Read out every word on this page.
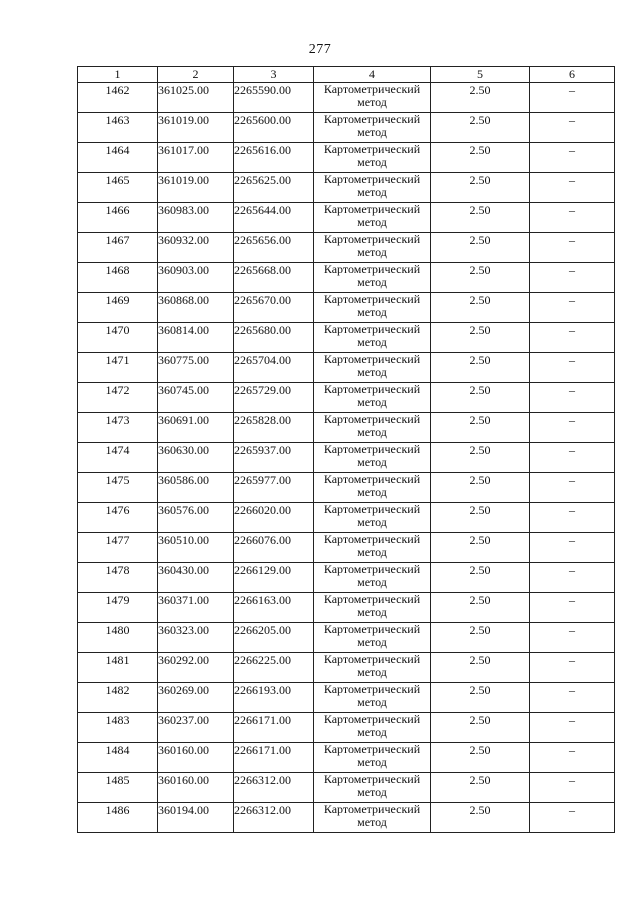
277
1	2	3	4	5	6
1462	361025.00	2265590.00	Картометрический
метод	2.50	–
1463	361019.00	2265600.00	Картометрический
метод	2.50	–
1464	361017.00	2265616.00	Картометрический
метод	2.50	–
1465	361019.00	2265625.00	Картометрический
метод	2.50	–
1466	360983.00	2265644.00	Картометрический
метод	2.50	–
1467	360932.00	2265656.00	Картометрический
метод	2.50	–
1468	360903.00	2265668.00	Картометрический
метод	2.50	–
1469	360868.00	2265670.00	Картометрический
метод	2.50	–
1470	360814.00	2265680.00	Картометрический
метод	2.50	–
1471	360775.00	2265704.00	Картометрический
метод	2.50	–
1472	360745.00	2265729.00	Картометрический
метод	2.50	–
1473	360691.00	2265828.00	Картометрический
метод	2.50	–
1474	360630.00	2265937.00	Картометрический
метод	2.50	–
1475	360586.00	2265977.00	Картометрический
метод	2.50	–
1476	360576.00	2266020.00	Картометрический
метод	2.50	–
1477	360510.00	2266076.00	Картометрический
метод	2.50	–
1478	360430.00	2266129.00	Картометрический
метод	2.50	–
1479	360371.00	2266163.00	Картометрический
метод	2.50	–
1480	360323.00	2266205.00	Картометрический
метод	2.50	–
1481	360292.00	2266225.00	Картометрический
метод	2.50	–
1482	360269.00	2266193.00	Картометрический
метод	2.50	–
1483	360237.00	2266171.00	Картометрический
метод	2.50	–
1484	360160.00	2266171.00	Картометрический
метод	2.50	–
1485	360160.00	2266312.00	Картометрический
метод	2.50	–
1486	360194.00	2266312.00	Картометрический
метод	2.50	–
